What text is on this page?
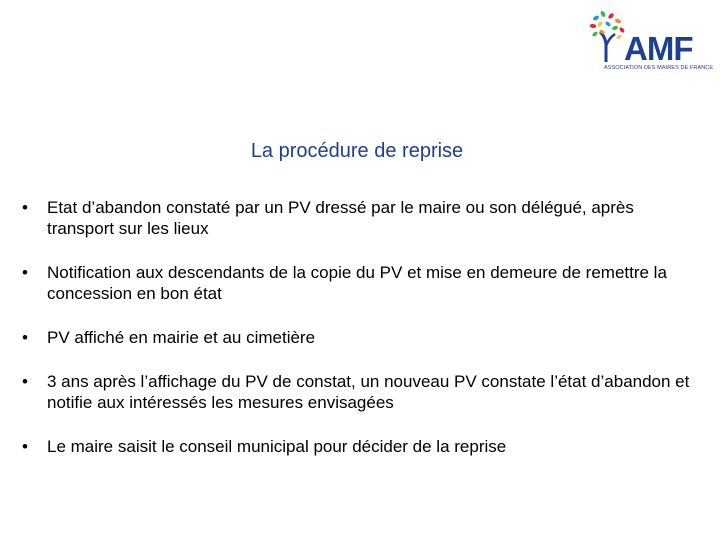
AMF
ASSOCIATION DES MAIRES DE FRANCE
La procédure de reprise
• Etat d’abandon constaté par un PV dressé par le maire ou son délégué, après transport sur les lieux
• Notification aux descendants de la copie du PV et mise en demeure de remettre la concession en bon état
• PV affiché en mairie et au cimetière
• 3 ans après l’affichage du PV de constat, un nouveau PV constate l’état d’abandon et notifie aux intéressés les mesures envisagées
• Le maire saisit le conseil municipal pour décider de la reprise
